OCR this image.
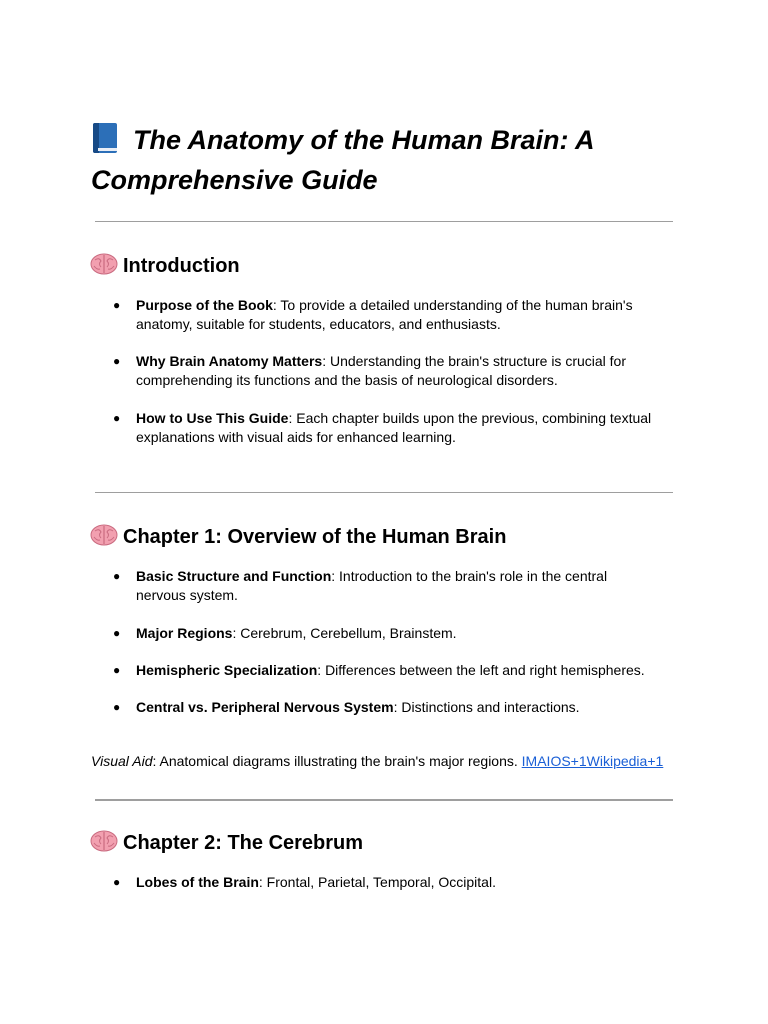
The Anatomy of the Human Brain: A Comprehensive Guide
Introduction
● Purpose of the Book: To provide a detailed understanding of the human brain's anatomy, suitable for students, educators, and enthusiasts.
● Why Brain Anatomy Matters: Understanding the brain's structure is crucial for comprehending its functions and the basis of neurological disorders.
● How to Use This Guide: Each chapter builds upon the previous, combining textual explanations with visual aids for enhanced learning.
Chapter 1: Overview of the Human Brain
● Basic Structure and Function: Introduction to the brain's role in the central nervous system.
● Major Regions: Cerebrum, Cerebellum, Brainstem.
● Hemispheric Specialization: Differences between the left and right hemispheres.
● Central vs. Peripheral Nervous System: Distinctions and interactions.
Visual Aid: Anatomical diagrams illustrating the brain's major regions. IMAIOS+1Wikipedia+1
Chapter 2: The Cerebrum
● Lobes of the Brain: Frontal, Parietal, Temporal, Occipital.
